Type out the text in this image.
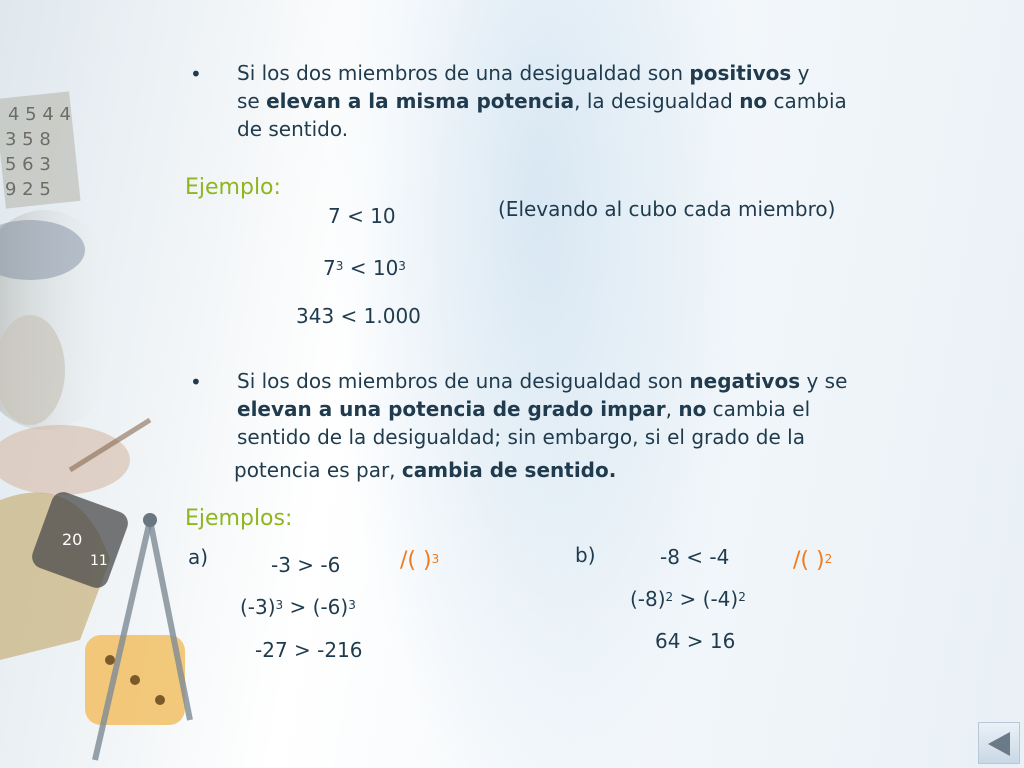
4 5 4 4
3 5 8
5 6 3
9 2 5
20
11
• Si los dos miembros de una desigualdad son positivos y
se elevan a la misma potencia, la desigualdad no cambia
de sentido.
Ejemplo:
7 < 10	(Elevando al cubo cada miembro)
$7^3 < 10^3$
343 < 1.000
• Si los dos miembros de una desigualdad son negativos y se
elevan a una potencia de grado impar, no cambia el
sentido de la desigualdad; sin embargo, si el grado de la
potencia es par, cambia de sentido.
Ejemplos:
a)	-3 > -6	/( )$^3$
$(-3)^3 > (-6)^3$
-27 > -216
b)	-8 < -4	/( )$^2$
$(-8)^2 > (-4)^2$
64 > 16
